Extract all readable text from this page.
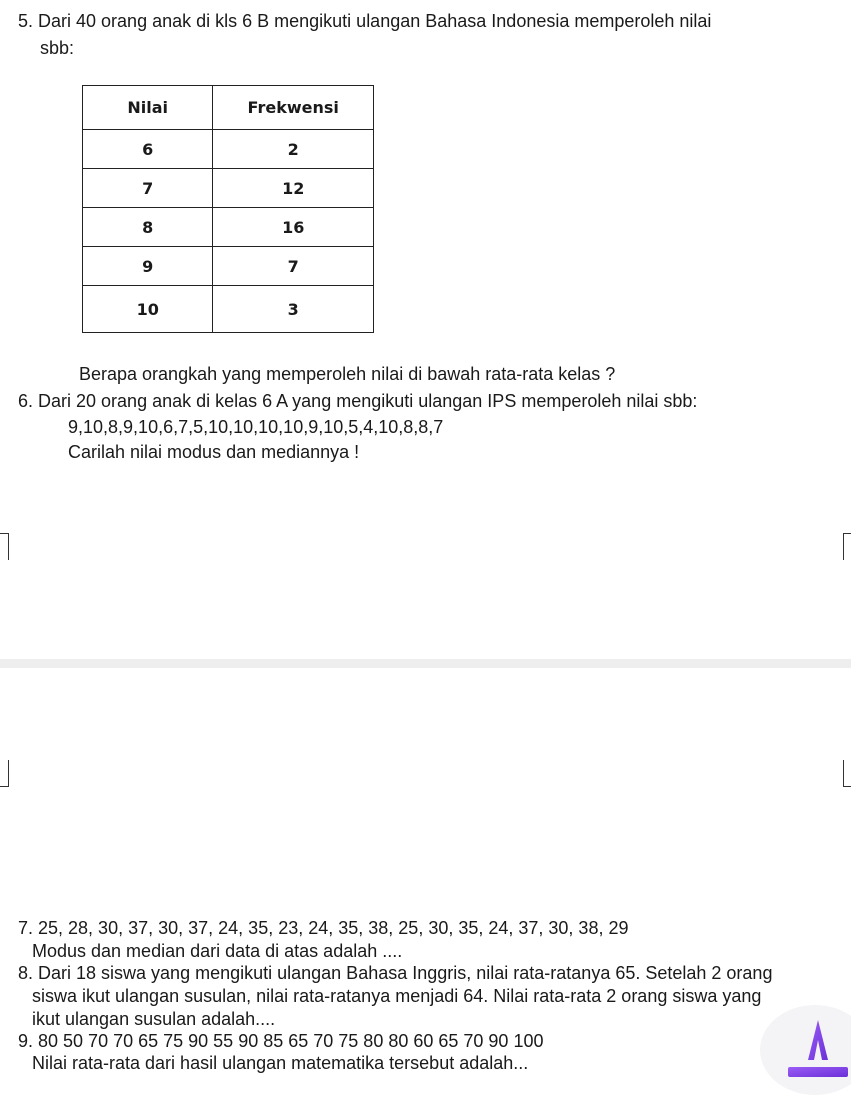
5. Dari 40 orang anak di kls 6 B mengikuti ulangan Bahasa Indonesia memperoleh nilai
sbb:
Nilai	Frekwensi
6	2
7	12
8	16
9	7
10	3
Berapa orangkah yang memperoleh nilai di bawah rata-rata kelas ?
6. Dari 20 orang anak di kelas 6 A yang mengikuti ulangan IPS memperoleh nilai sbb:
9,10,8,9,10,6,7,5,10,10,10,10,9,10,5,4,10,8,8,7
Carilah nilai modus dan mediannya !
7. 25, 28, 30, 37, 30, 37, 24, 35, 23, 24, 35, 38, 25, 30, 35, 24, 37, 30, 38, 29
Modus dan median dari data di atas adalah ....
8. Dari 18 siswa yang mengikuti ulangan Bahasa Inggris, nilai rata-ratanya 65. Setelah 2 orang
siswa ikut ulangan susulan, nilai rata-ratanya menjadi 64. Nilai rata-rata 2 orang siswa yang
ikut ulangan susulan adalah....
9. 80 50 70 70 65 75 90 55 90 85 65 70 75 80 80 60 65 70 90 100
Nilai rata-rata dari hasil ulangan matematika tersebut adalah...
